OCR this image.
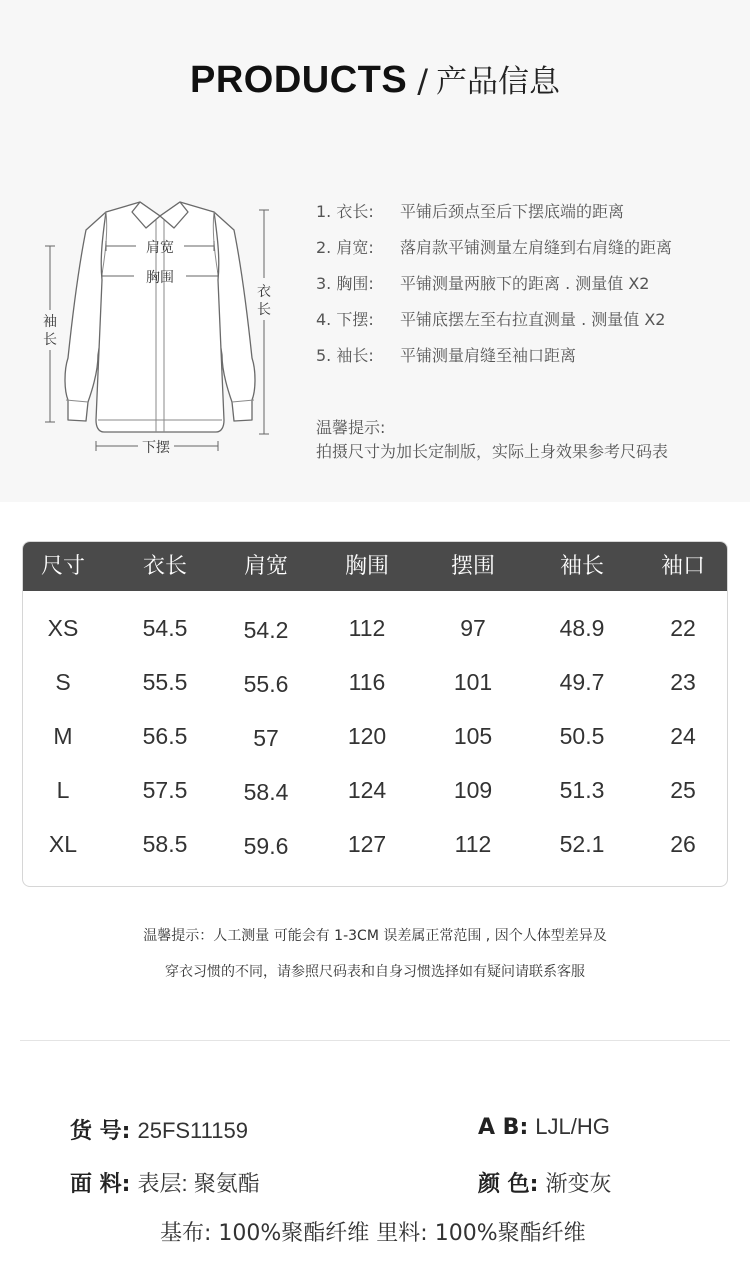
PRODUCTS / 产品信息
肩宽
胸围
下摆
衣
长
袖
长
1. 衣长: 平铺后颈点至后下摆底端的距离
2. 肩宽: 落肩款平铺测量左肩缝到右肩缝的距离
3. 胸围: 平铺测量两腋下的距离 . 测量值 X2
4. 下摆: 平铺底摆左至右拉直测量 . 测量值 X2
5. 袖长: 平铺测量肩缝至袖口距离
温馨提示:
拍摄尺寸为加长定制版，实际上身效果参考尺码表
尺寸	衣长	肩宽	胸围	摆围	袖长	袖口
XS	54.5	54.2	112	97	48.9	22
S	55.5	55.6	116	101	49.7	23
M	56.5	57	120	105	50.5	24
L	57.5	58.4	124	109	51.3	25
XL	58.5	59.6	127	112	52.1	26
温馨提示：人工测量 可能会有 1-3CM 误差属正常范围 , 因个人体型差异及
穿衣习惯的不同，请参照尺码表和自身习惯选择如有疑问请联系客服
货 号: 25FS11159	A B: LJL/HG
面 料: 表层: 聚氨酯	颜 色: 渐变灰
基布: 100%聚酯纤维 里料: 100%聚酯纤维
